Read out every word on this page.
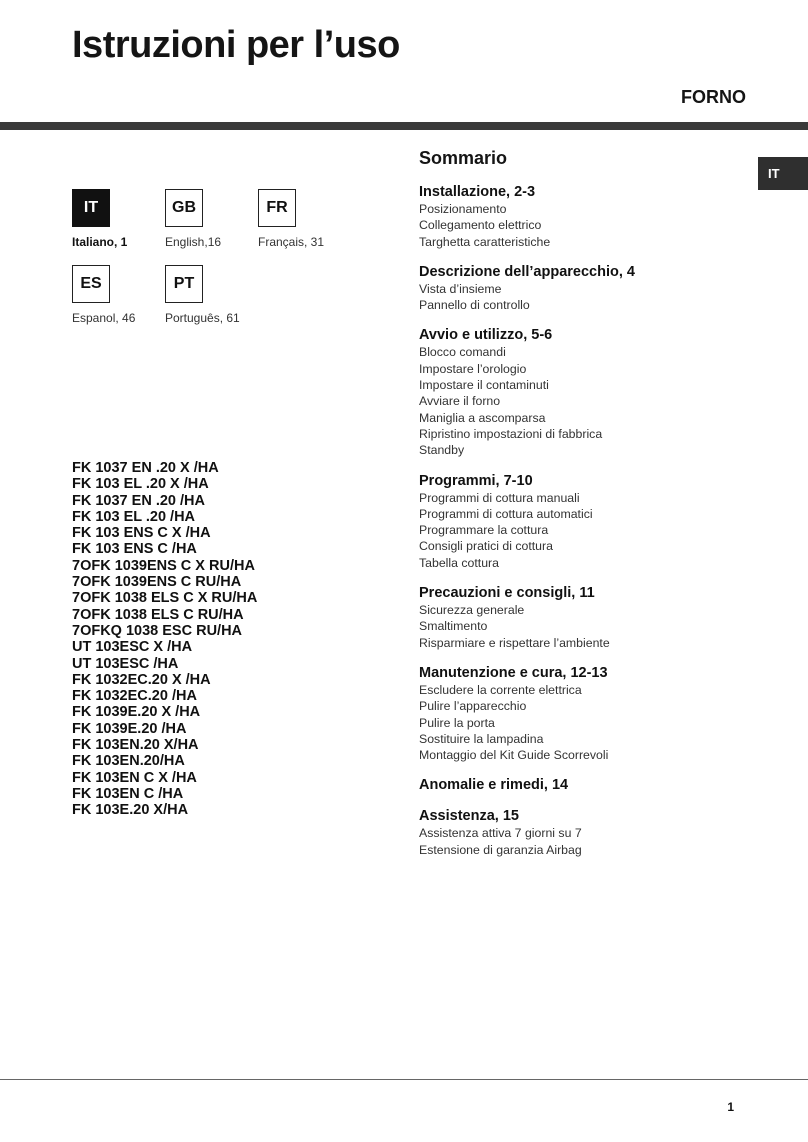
Istruzioni per l’uso
FORNO
IT
IT
Italiano, 1
GB
English,16
FR
Français, 31
ES
Espanol, 46
PT
Português, 61
FK 1037 EN .20 X /HA
FK 103 EL .20 X /HA
FK 1037 EN .20 /HA
FK 103 EL .20 /HA
FK 103 ENS C X /HA
FK 103 ENS C /HA
7OFK 1039ENS C X RU/HA
7OFK 1039ENS C RU/HA
7OFK 1038 ELS C X RU/HA
7OFK 1038 ELS C RU/HA
7OFKQ 1038 ESC RU/HA
UT 103ESC X /HA
UT 103ESC /HA
FK 1032EC.20 X /HA
FK 1032EC.20 /HA
FK 1039E.20 X /HA
FK 1039E.20 /HA
FK 103EN.20 X/HA
FK 103EN.20/HA
FK 103EN C X /HA
FK 103EN C /HA
FK 103E.20 X/HA
Sommario
Installazione, 2-3
Posizionamento
Collegamento elettrico
Targhetta caratteristiche
Descrizione dell’apparecchio, 4
Vista d’insieme
Pannello di controllo
Avvio e utilizzo, 5-6
Blocco comandi
Impostare l’orologio
Impostare il contaminuti
Avviare il forno
Maniglia a ascomparsa
Ripristino impostazioni di fabbrica
Standby
Programmi, 7-10
Programmi di cottura manuali
Programmi di cottura automatici
Programmare la cottura
Consigli pratici di cottura
Tabella cottura
Precauzioni e consigli, 11
Sicurezza generale
Smaltimento
Risparmiare e rispettare l’ambiente
Manutenzione e cura, 12-13
Escludere la corrente elettrica
Pulire l’apparecchio
Pulire la porta
Sostituire la lampadina
Montaggio del Kit Guide Scorrevoli
Anomalie e rimedi, 14
Assistenza, 15
Assistenza attiva 7 giorni su 7
Estensione di garanzia Airbag
1
